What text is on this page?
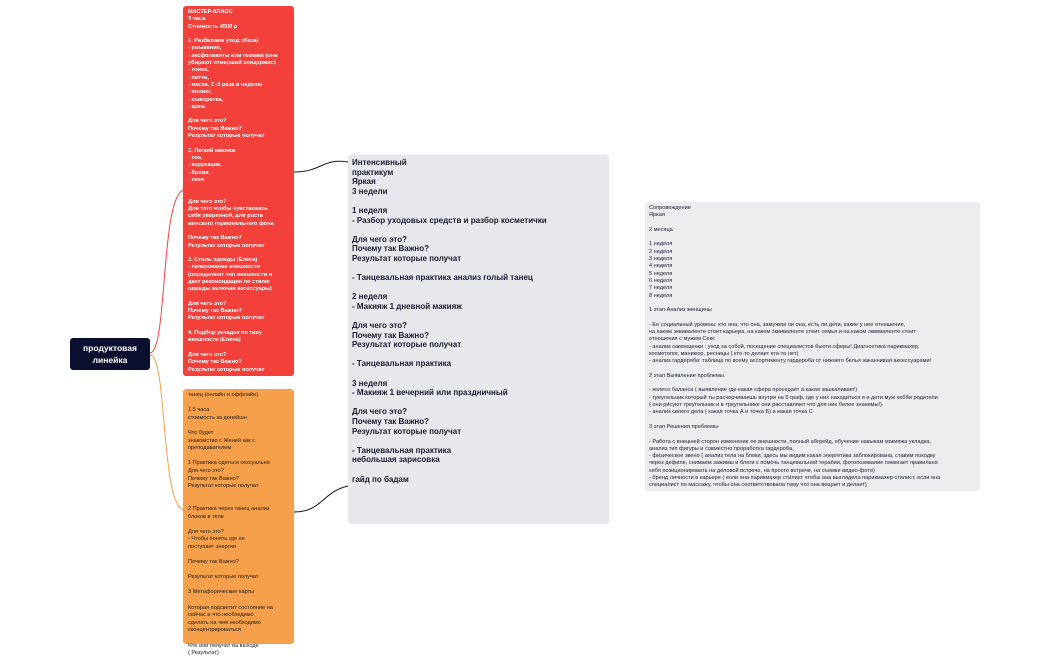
продуктовая
линейка
МАСТЕР-КЛАСС
3 часа
Стоимость 4500 р

1. Разбираем уход: (база)
- умывание,
- эксфолианты или гоммаж (они
убирают отмерший эпидермис)
- тоник,
- патчи,
- маска, 2 -3 раза в неделю
- пилинг,
- сыворотка,
- крем.

Для чего это?
Почему так Важно?
Результат которые получат

2. Легкий макияж
- тон,
- коррекция,
- брови,
- тени

Для чего это?
Для того чтобы чувствовать
себя уверенной, для роста
женского гормонального фона

Почему так Важно?
Результат которые получат

3. Стиль одежды (Елена)
- типирование внешности
(определяют тип внешности и
дает рекомендации по стилю
одежды включая аксессуары)

Для чего это?
Почему так Важно?
Результат которые получат

4. Подбор укладок по типу
внешности (Елена)

Для чего это?
Почему так Важно?
Результат которые получат
танец (онлайн и оффлайн)

1.5 часа
стоимость за донейшн

Что будет
знакомство с Женей как с
преподавателем

1 Практика одеться сексуально
Для чего это?
Почему так Важно?
Результат которые получат

2 Практика через танец анализ
блоков в теле

Для чего это?
- Чтобы понять где не
поступает энергия

Почему так Важно?

Результат которые получат

3 Метафорические карты

Которая подсветит состояние на
сейчас и что необходимо
сделать на чем необходимо
сконцентрироваться

Что они получат на выходе
( Результат)
Интенсивный
практикум
Яркая
3 недели

1 неделя
- Разбор уходовых средств и разбор косметички

Для чего это?
Почему так Важно?
Результат которые получат

- Танцевальная практика анализ голый танец

2 неделя
- Макияж 1 дневной макияж

Для чего это?
Почему так Важно?
Результат которые получат

- Танцевальная практика

3 неделя
- Макияж 1 вечерний или праздничный

Для чего это?
Почему так Важно?
Результат которые получат

- Танцевальная практика
небольшая зарисовка

гайд по бадам
Сопровождение
Яркая

2 месяца

1 неделя
2 неделя
3 неделя
4 неделя
5 неделя
6 неделя
7 неделя
8 неделя

1 этап Анализ женщины

- Ее социальный уровень: кто она, что она, замужем ли она, есть ли дети, какие у нее отношения,
на каком эквиваленте стоит карьера, на каком эквиваленте стоит семья и на каком эквиваленте стоит
отношения с мужем Секс
- анализ самооценки : уход за собой, посещение специалистов бьюти сферы! Диагностика парикмахер,
косметолог, маникюр, ресницы ( кто-то делает кто-то нет)
- анализ гардероба: таблица по всему ассортименту гардероба от нижнего белья заканчивая аксессуарами!

2 этап Выявление проблемы

- колесо баланса ( выявление где какая сфера проседает а какая зашкаливает)
- треугольник который ты расчерчиваешь внутри на 5 граф, где у них находиться я и дети муж хобби родители
( они рисуют треугольник и в треугольнике они расставляют что для них более значимы!)
- анализ своего дела ( какая точка А и точка Б) и какая точка С

3 этап Решения проблемы

- Работа с внешней сторон изменение ее внешности, полный абгрейд, обучение навыкам макияжа укладка,
анализ тип фигуры и совместно проработка гардероба,
- физическое звено ( анализ тела на блоки, здесь мы видим какая энергетика заблокирована, ставим походку
через дефиле, снимаем зажимы и блоги с помочь танцевальной терапии, фотопозование помогает правильно
себя позиционировать на деловой встрече, на просто встрече, на съемке видео-фото)
- бренд личности в карьере ( если она парикмахер стилист чтобы она выглядела парикмахер стилист, если она
специалист по массажу, чтобы она соответствовала тому что она вещает и делает)
